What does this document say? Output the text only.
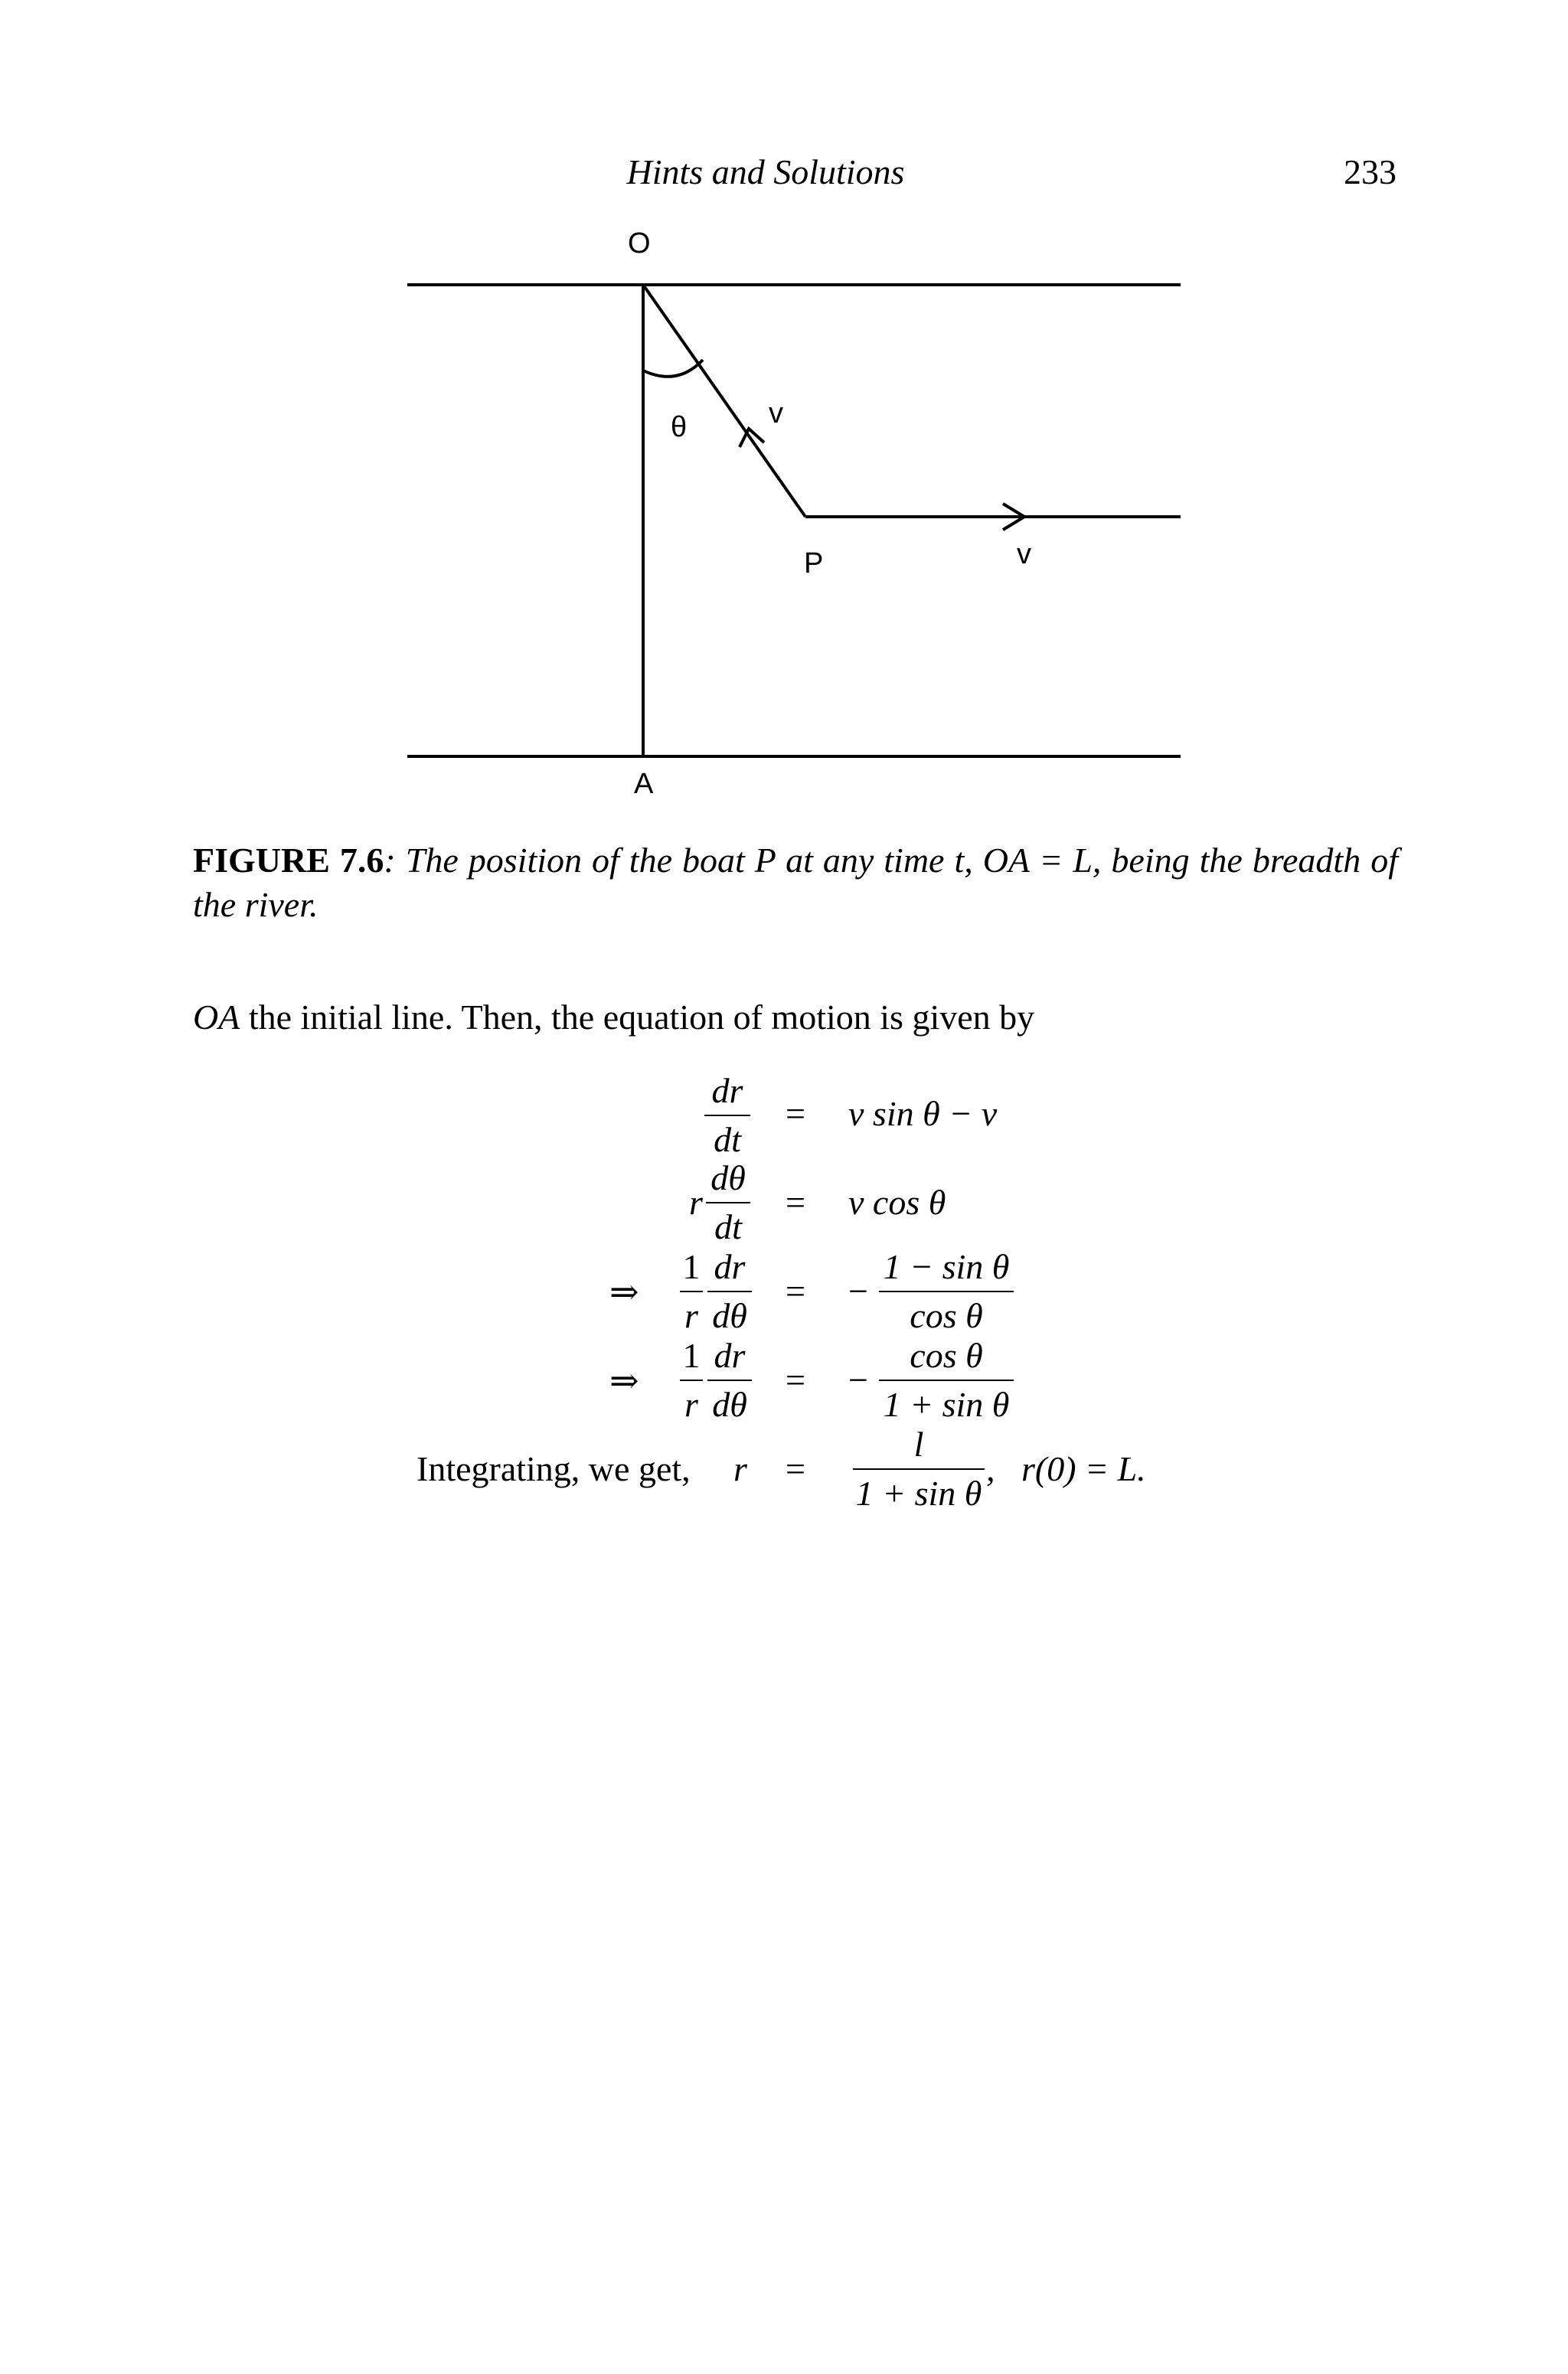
Hints and Solutions	233
O
A
P
θ	v
v
FIGURE 7.6: The position of the boat P at any time t, OA = L, being the breadth of the river.
OA the initial line. Then, the equation of motion is given by
dr
dt
= v sin θ − v
r
dθ
dt
= v cos θ
⇒
1
r
dr
dθ
= −
1 − sin θ
cos θ
⇒
1
r
dr
dθ
= −
cos θ
1 + sin θ
Integrating, we get, r =
l
1 + sin θ
,   r(0) = L.
